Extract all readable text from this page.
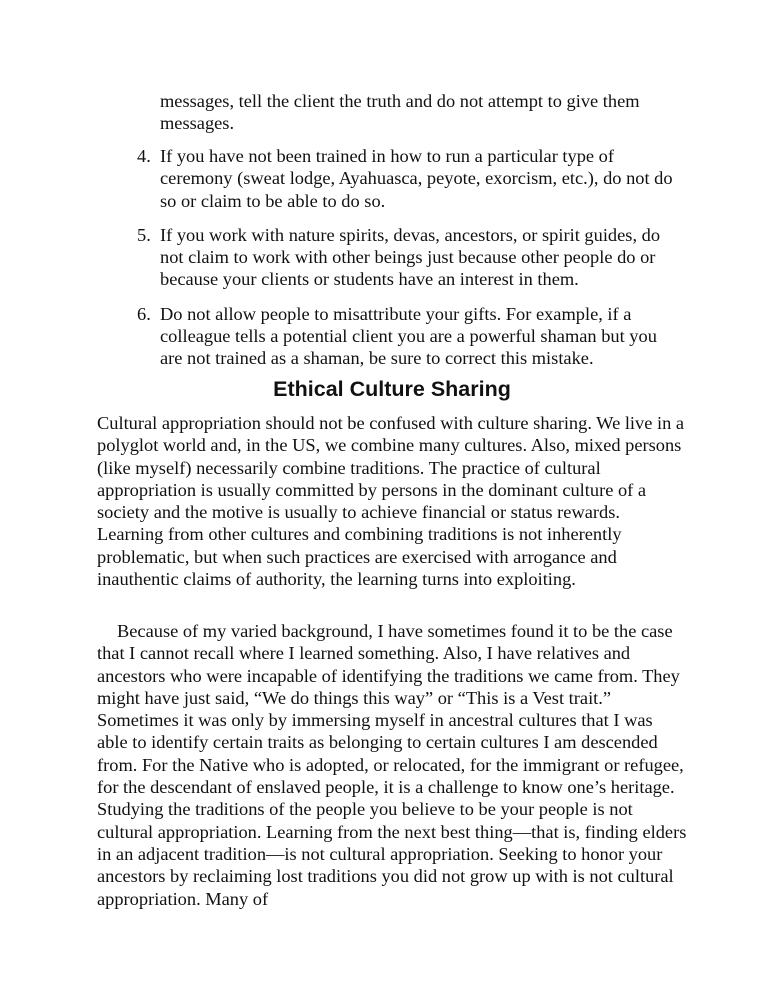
messages, tell the client the truth and do not attempt to give them messages.

4. If you have not been trained in how to run a particular type of ceremony (sweat lodge, Ayahuasca, peyote, exorcism, etc.), do not do so or claim to be able to do so.
5. If you work with nature spirits, devas, ancestors, or spirit guides, do not claim to work with other beings just because other people do or because your clients or students have an interest in them.
6. Do not allow people to misattribute your gifts. For example, if a colleague tells a potential client you are a powerful shaman but you are not trained as a shaman, be sure to correct this mistake.
Ethical Culture Sharing

Cultural appropriation should not be confused with culture sharing. We live in a polyglot world and, in the US, we combine many cultures. Also, mixed persons (like myself) necessarily combine traditions. The practice of cultural appropriation is usually committed by persons in the dominant culture of a society and the motive is usually to achieve financial or status rewards. Learning from other cultures and combining traditions is not inherently problematic, but when such practices are exercised with arrogance and inauthentic claims of authority, the learning turns into exploiting.

Because of my varied background, I have sometimes found it to be the case that I cannot recall where I learned something. Also, I have relatives and ancestors who were incapable of identifying the traditions we came from. They might have just said, “We do things this way” or “This is a Vest trait.” Sometimes it was only by immersing myself in ancestral cultures that I was able to identify certain traits as belonging to certain cultures I am descended from. For the Native who is adopted, or relocated, for the immigrant or refugee, for the descendant of enslaved people, it is a challenge to know one’s heritage. Studying the traditions of the people you believe to be your people is not cultural appropriation. Learning from the next best thing—that is, finding elders in an adjacent tradition—is not cultural appropriation. Seeking to honor your ancestors by reclaiming lost traditions you did not grow up with is not cultural appropriation. Many of
